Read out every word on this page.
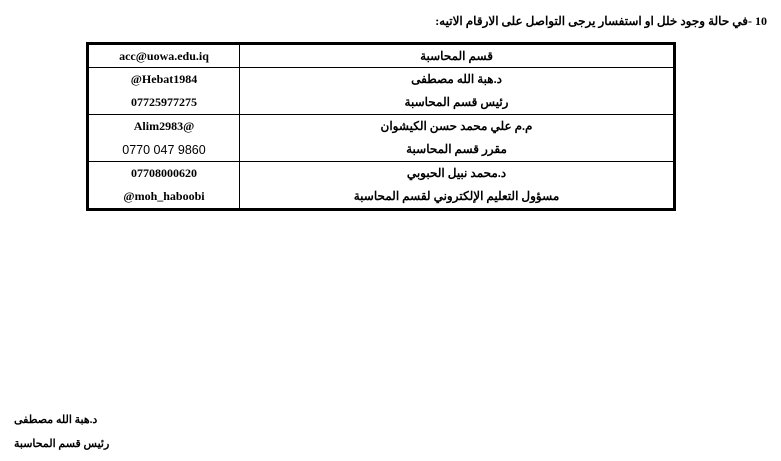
10 -في حالة وجود خلل او استفسار يرجى التواصل على الارقام الاتيه:
acc@uowa.edu.iq	قسم المحاسبة
@Hebat1984	د.هبة الله مصطفى
07725977275	رئيس قسم المحاسبة
Alim2983@	م.م علي محمد حسن الكيشوان
0770 047 9860	مقرر قسم المحاسبة
07708000620	د.محمد نبيل الحبوبي
@moh_haboobi	مسؤول التعليم الإلكتروني لقسم المحاسبة
د.هبة الله مصطفى
رئيس قسم المحاسبة
